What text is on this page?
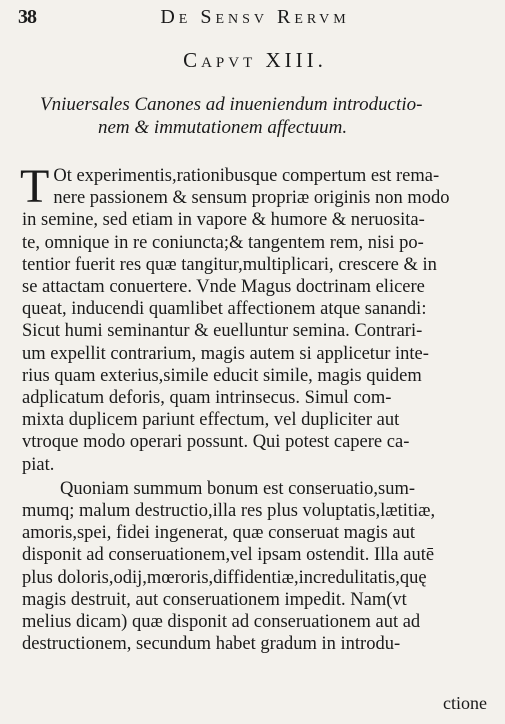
38	De Sensv Rervm
Capvt XIII.
Vniuersales Canones ad inueniendum introductio-
nem & immutationem affectuum.
T Ot experimentis,rationibusque compertum est rema-
nere passionem & sensum propriæ originis non modo
in semine, sed etiam in vapore & humore & neruosita-
te, omnique in re coniuncta;& tangentem rem, nisi po-
tentior fuerit res quæ tangitur,multiplicari, crescere & in
se attactam conuertere. Vnde Magus doctrinam elicere
queat, inducendi quamlibet affectionem atque sanandi:
Sicut humi seminantur & euelluntur semina. Contrari-
um expellit contrarium, magis autem si applicetur inte-
rius quam exterius,simile educit simile, magis quidem
adplicatum deforis, quam intrinsecus. Simul com-
mixta duplicem pariunt effectum, vel dupliciter aut
vtroque modo operari possunt. Qui potest capere ca-
piat.
Quoniam summum bonum est conseruatio,sum-
mumq; malum destructio,illa res plus voluptatis,lætitiæ,
amoris,spei, fidei ingenerat, quæ conseruat magis aut
disponit ad conseruationem,vel ipsam ostendit. Illa autē
plus doloris,odij,mœroris,diffidentiæ,incredulitatis,quę
magis destruit, aut conseruationem impedit. Nam(vt
melius dicam) quæ disponit ad conseruationem aut ad
destructionem, secundum habet gradum in introdu-
ctione
